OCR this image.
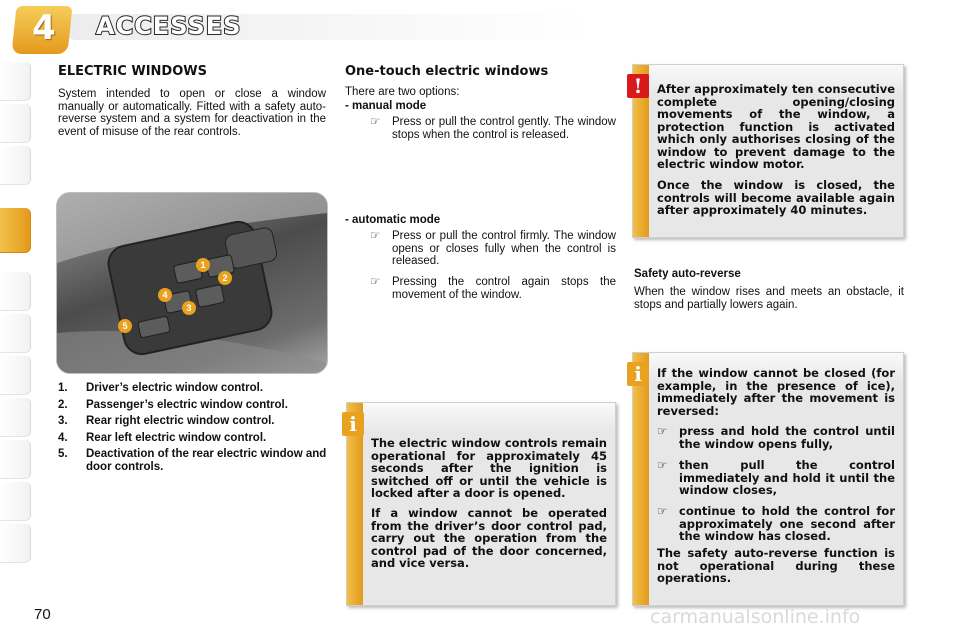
4	ACCESSES
ELECTRIC WINDOWS
System intended to open or close a window manually or automatically. Fitted with a safety auto-reverse system and a system for deactivation in the event of misuse of the rear controls.
1
2
3
4
5
1.	Driver’s electric window control.
2.	Passenger’s electric window control.
3.	Rear right electric window control.
4.	Rear left electric window control.
5.	Deactivation of the rear electric window and door controls.
One-touch electric windows
There are two options:
- manual mode
☞	Press or pull the control gently. The window stops when the control is released.
- automatic mode
☞	Press or pull the control firmly. The window opens or closes fully when the control is released.
☞	Pressing the control again stops the movement of the window.
The electric window controls remain operational for approximately 45 seconds after the ignition is switched off or until the vehicle is locked after a door is opened.
If a window cannot be operated from the driver’s door control pad, carry out the operation from the control pad of the door concerned, and vice versa.
i
After approximately ten consecutive complete opening/closing movements of the window, a protection function is activated which only authorises closing of the window to prevent damage to the electric window motor.
Once the window is closed, the controls will become available again after approximately 40 minutes.
!
Safety auto-reverse
When the window rises and meets an obstacle, it stops and partially lowers again.
If the window cannot be closed (for example, in the presence of ice), immediately after the movement is reversed:
☞	press and hold the control until the window opens fully,
☞	then pull the control immediately and hold it until the window closes,
☞	continue to hold the control for approximately one second after the window has closed.
The safety auto-reverse function is not operational during these operations.
i
70	carmanualsonline.info
